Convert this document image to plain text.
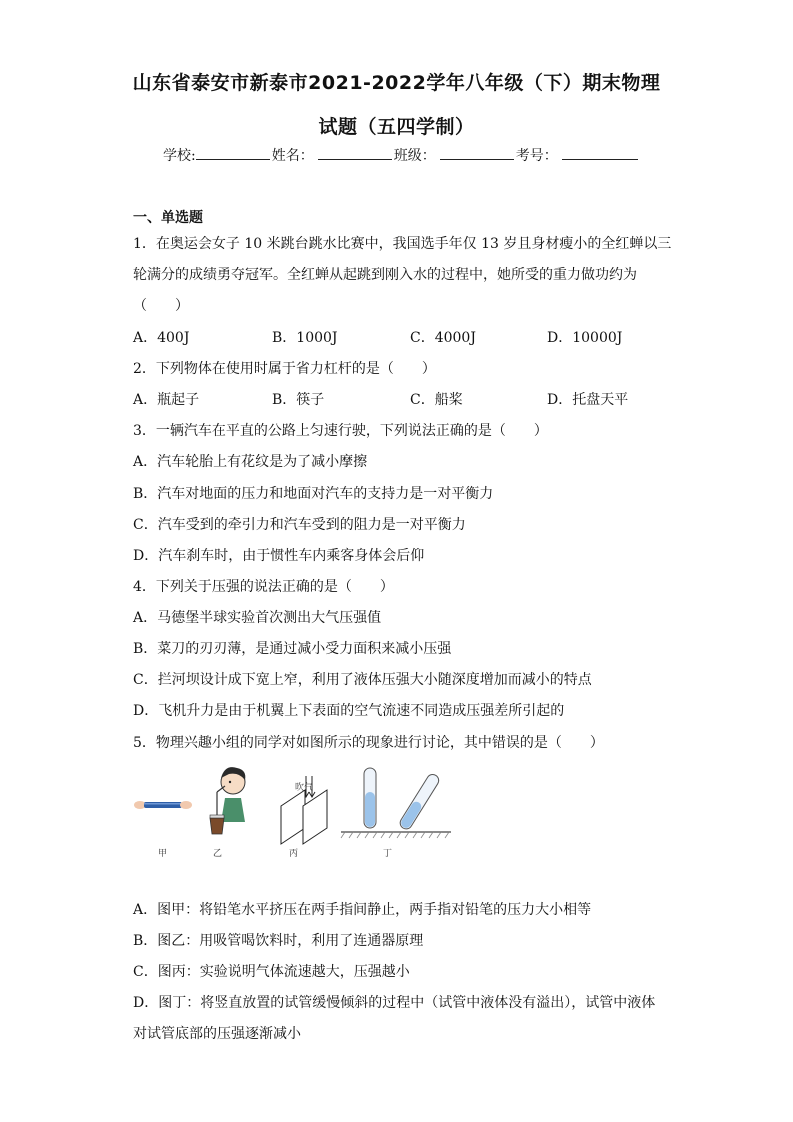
山东省泰安市新泰市2021-2022学年八年级（下）期末物理
试题（五四学制）
学校:	姓名：	班级：	考号：
一、单选题
1．在奥运会女子 10 米跳台跳水比赛中，我国选手年仅 13 岁且身材瘦小的全红蝉以三
轮满分的成绩勇夺冠军。全红蝉从起跳到刚入水的过程中，她所受的重力做功约为
（　　）
A．400J	B．1000J	C．4000J	D．10000J
2．下列物体在使用时属于省力杠杆的是（　　）
A．瓶起子	B．筷子	C．船桨	D．托盘天平
3．一辆汽车在平直的公路上匀速行驶，下列说法正确的是（　　）
A．汽车轮胎上有花纹是为了减小摩擦
B．汽车对地面的压力和地面对汽车的支持力是一对平衡力
C．汽车受到的牵引力和汽车受到的阻力是一对平衡力
D．汽车刹车时，由于惯性车内乘客身体会后仰
4．下列关于压强的说法正确的是（　　）
A．马德堡半球实验首次测出大气压强值
B．菜刀的刃刃薄，是通过减小受力面积来减小压强
C．拦河坝设计成下宽上窄，利用了液体压强大小随深度增加而减小的特点
D．飞机升力是由于机翼上下表面的空气流速不同造成压强差所引起的
5．物理兴趣小组的同学对如图所示的现象进行讨论，其中错误的是（　　）
吹气
甲	乙	丙	丁
A．图甲：将铅笔水平挤压在两手指间静止，两手指对铅笔的压力大小相等
B．图乙：用吸管喝饮料时，利用了连通器原理
C．图丙：实验说明气体流速越大，压强越小
D．图丁：将竖直放置的试管缓慢倾斜的过程中（试管中液体没有溢出），试管中液体
对试管底部的压强逐渐减小
